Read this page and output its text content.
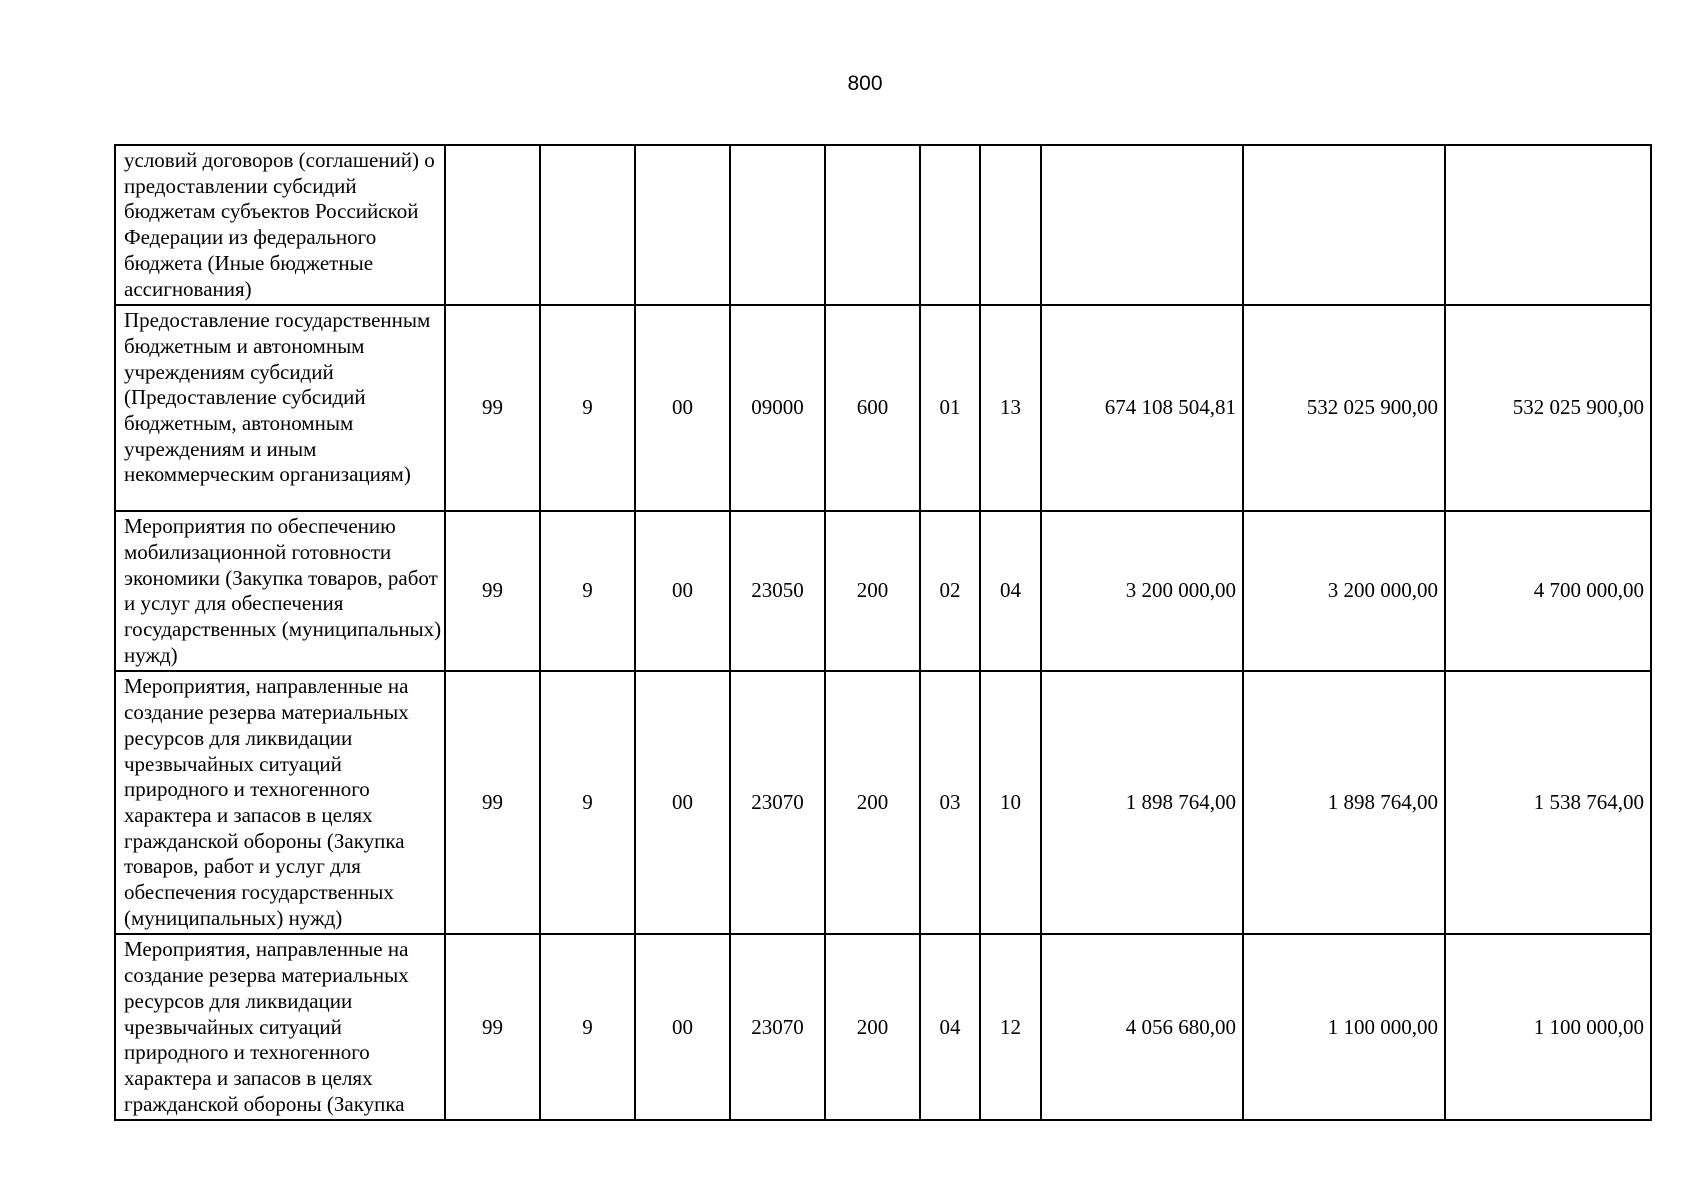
800
условий договоров (соглашений) о предоставлении субсидий бюджетам субъектов Российской Федерации из федерального бюджета (Иные бюджетные ассигнования)										
Предоставление государственным бюджетным и автономным учреждениям субсидий (Предоставление субсидий бюджетным, автономным учреждениям и иным некоммерческим организациям)	99	9	00	09000	600	01	13	674 108 504,81	532 025 900,00	532 025 900,00
Мероприятия по обеспечению мобилизационной готовности экономики (Закупка товаров, работ и услуг для обеспечения государственных (муниципальных) нужд)	99	9	00	23050	200	02	04	3 200 000,00	3 200 000,00	4 700 000,00
Мероприятия, направленные на создание резерва материальных ресурсов для ликвидации чрезвычайных ситуаций природного и техногенного характера и запасов в целях гражданской обороны (Закупка товаров, работ и услуг для обеспечения государственных (муниципальных) нужд)	99	9	00	23070	200	03	10	1 898 764,00	1 898 764,00	1 538 764,00
Мероприятия, направленные на создание резерва материальных ресурсов для ликвидации чрезвычайных ситуаций природного и техногенного характера и запасов в целях гражданской обороны (Закупка	99	9	00	23070	200	04	12	4 056 680,00	1 100 000,00	1 100 000,00
